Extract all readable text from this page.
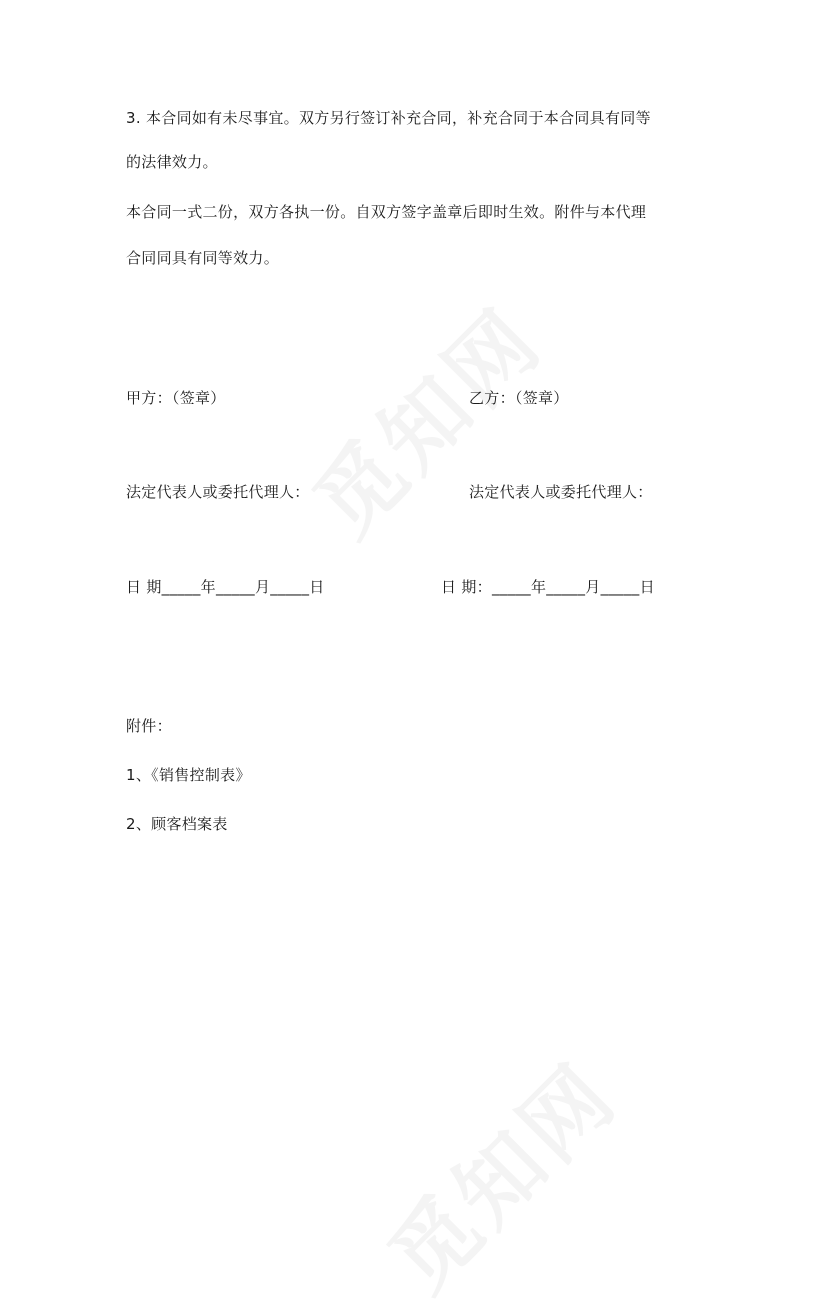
3. 本合同如有未尽事宜。双方另行签订补充合同，补充合同于本合同具有同等
的法律效力。
本合同一式二份，双方各执一份。自双方签字盖章后即时生效。附件与本代理
合同同具有同等效力。
甲方：（签章）	乙方：（签章）
法定代表人或委托代理人：	法定代表人或委托代理人：
日 期_____年_____月_____日	日 期：_____年_____月_____日
附件：
1、《销售控制表》
2、顾客档案表
